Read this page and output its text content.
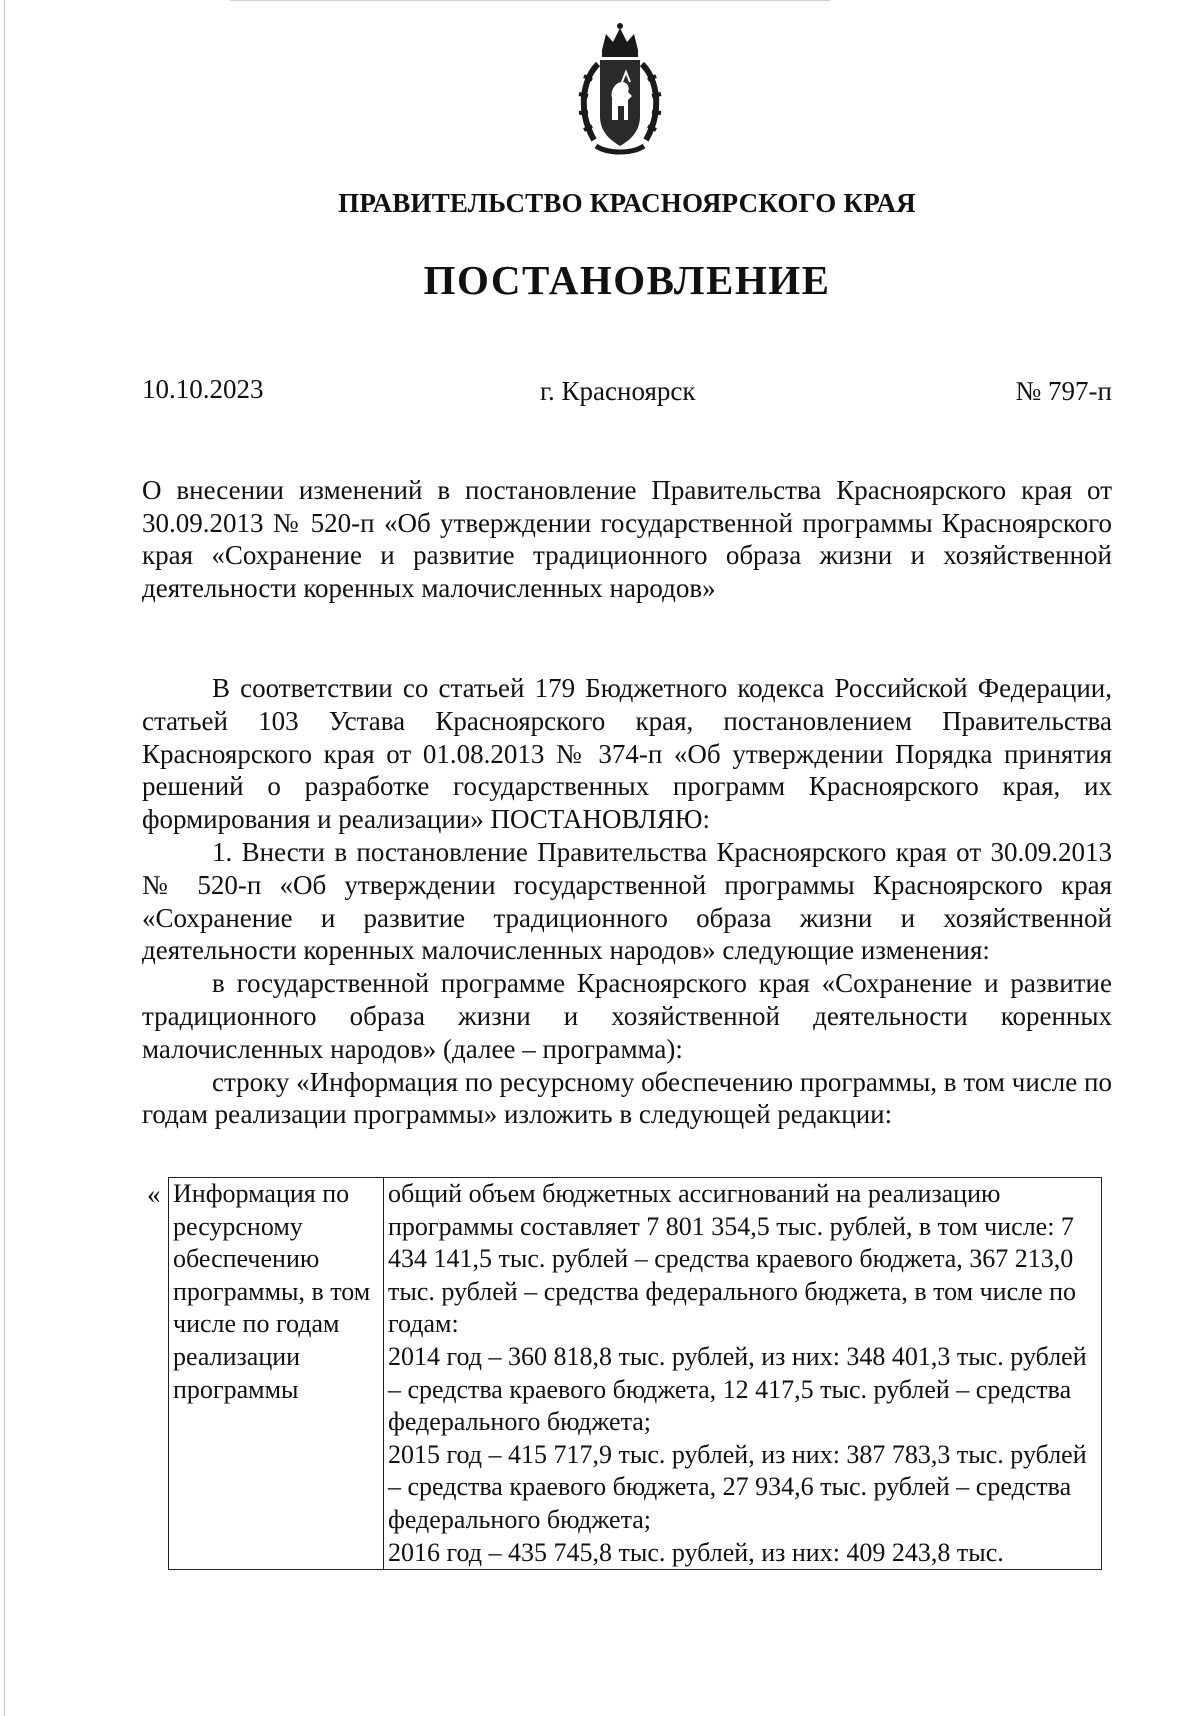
ПРАВИТЕЛЬСТВО КРАСНОЯРСКОГО КРАЯ
ПОСТАНОВЛЕНИЕ
10.10.2023	г. Красноярск	№ 797-п
О внесении изменений в постановление Правительства Красноярского края от 30.09.2013 № 520-п «Об утверждении государственной программы Красноярского края «Сохранение и развитие традиционного образа жизни и хозяйственной деятельности коренных малочисленных народов»

В соответствии со статьей 179 Бюджетного кодекса Российской Федерации, статьей 103 Устава Красноярского края, постановлением Правительства Красноярского края от 01.08.2013 № 374-п «Об утверждении Порядка принятия решений о разработке государственных программ Красноярского края, их формирования и реализации» ПОСТАНОВЛЯЮ:

1. Внести в постановление Правительства Красноярского края от 30.09.2013 № 520-п «Об утверждении государственной программы Красноярского края «Сохранение и развитие традиционного образа жизни и хозяйственной деятельности коренных малочисленных народов» следующие изменения:

в государственной программе Красноярского края «Сохранение и развитие традиционного образа жизни и хозяйственной деятельности коренных малочисленных народов» (далее – программа):

строку «Информация по ресурсному обеспечению программы, в том числе по годам реализации программы» изложить в следующей редакции:

« Информация по ресурсному обеспечению программы, в том числе по годам реализации программы	общий объем бюджетных ассигнований на реализацию программы составляет 7 801 354,5 тыс. рублей, в том числе: 7 434 141,5 тыс. рублей – средства краевого бюджета, 367 213,0 тыс. рублей – средства федерального бюджета, в том числе по годам:
2014 год – 360 818,8 тыс. рублей, из них: 348 401,3 тыс. рублей – средства краевого бюджета, 12 417,5 тыс. рублей – средства федерального бюджета;
2015 год – 415 717,9 тыс. рублей, из них: 387 783,3 тыс. рублей – средства краевого бюджета, 27 934,6 тыс. рублей – средства федерального бюджета;
2016 год – 435 745,8 тыс. рублей, из них: 409 243,8 тыс.
